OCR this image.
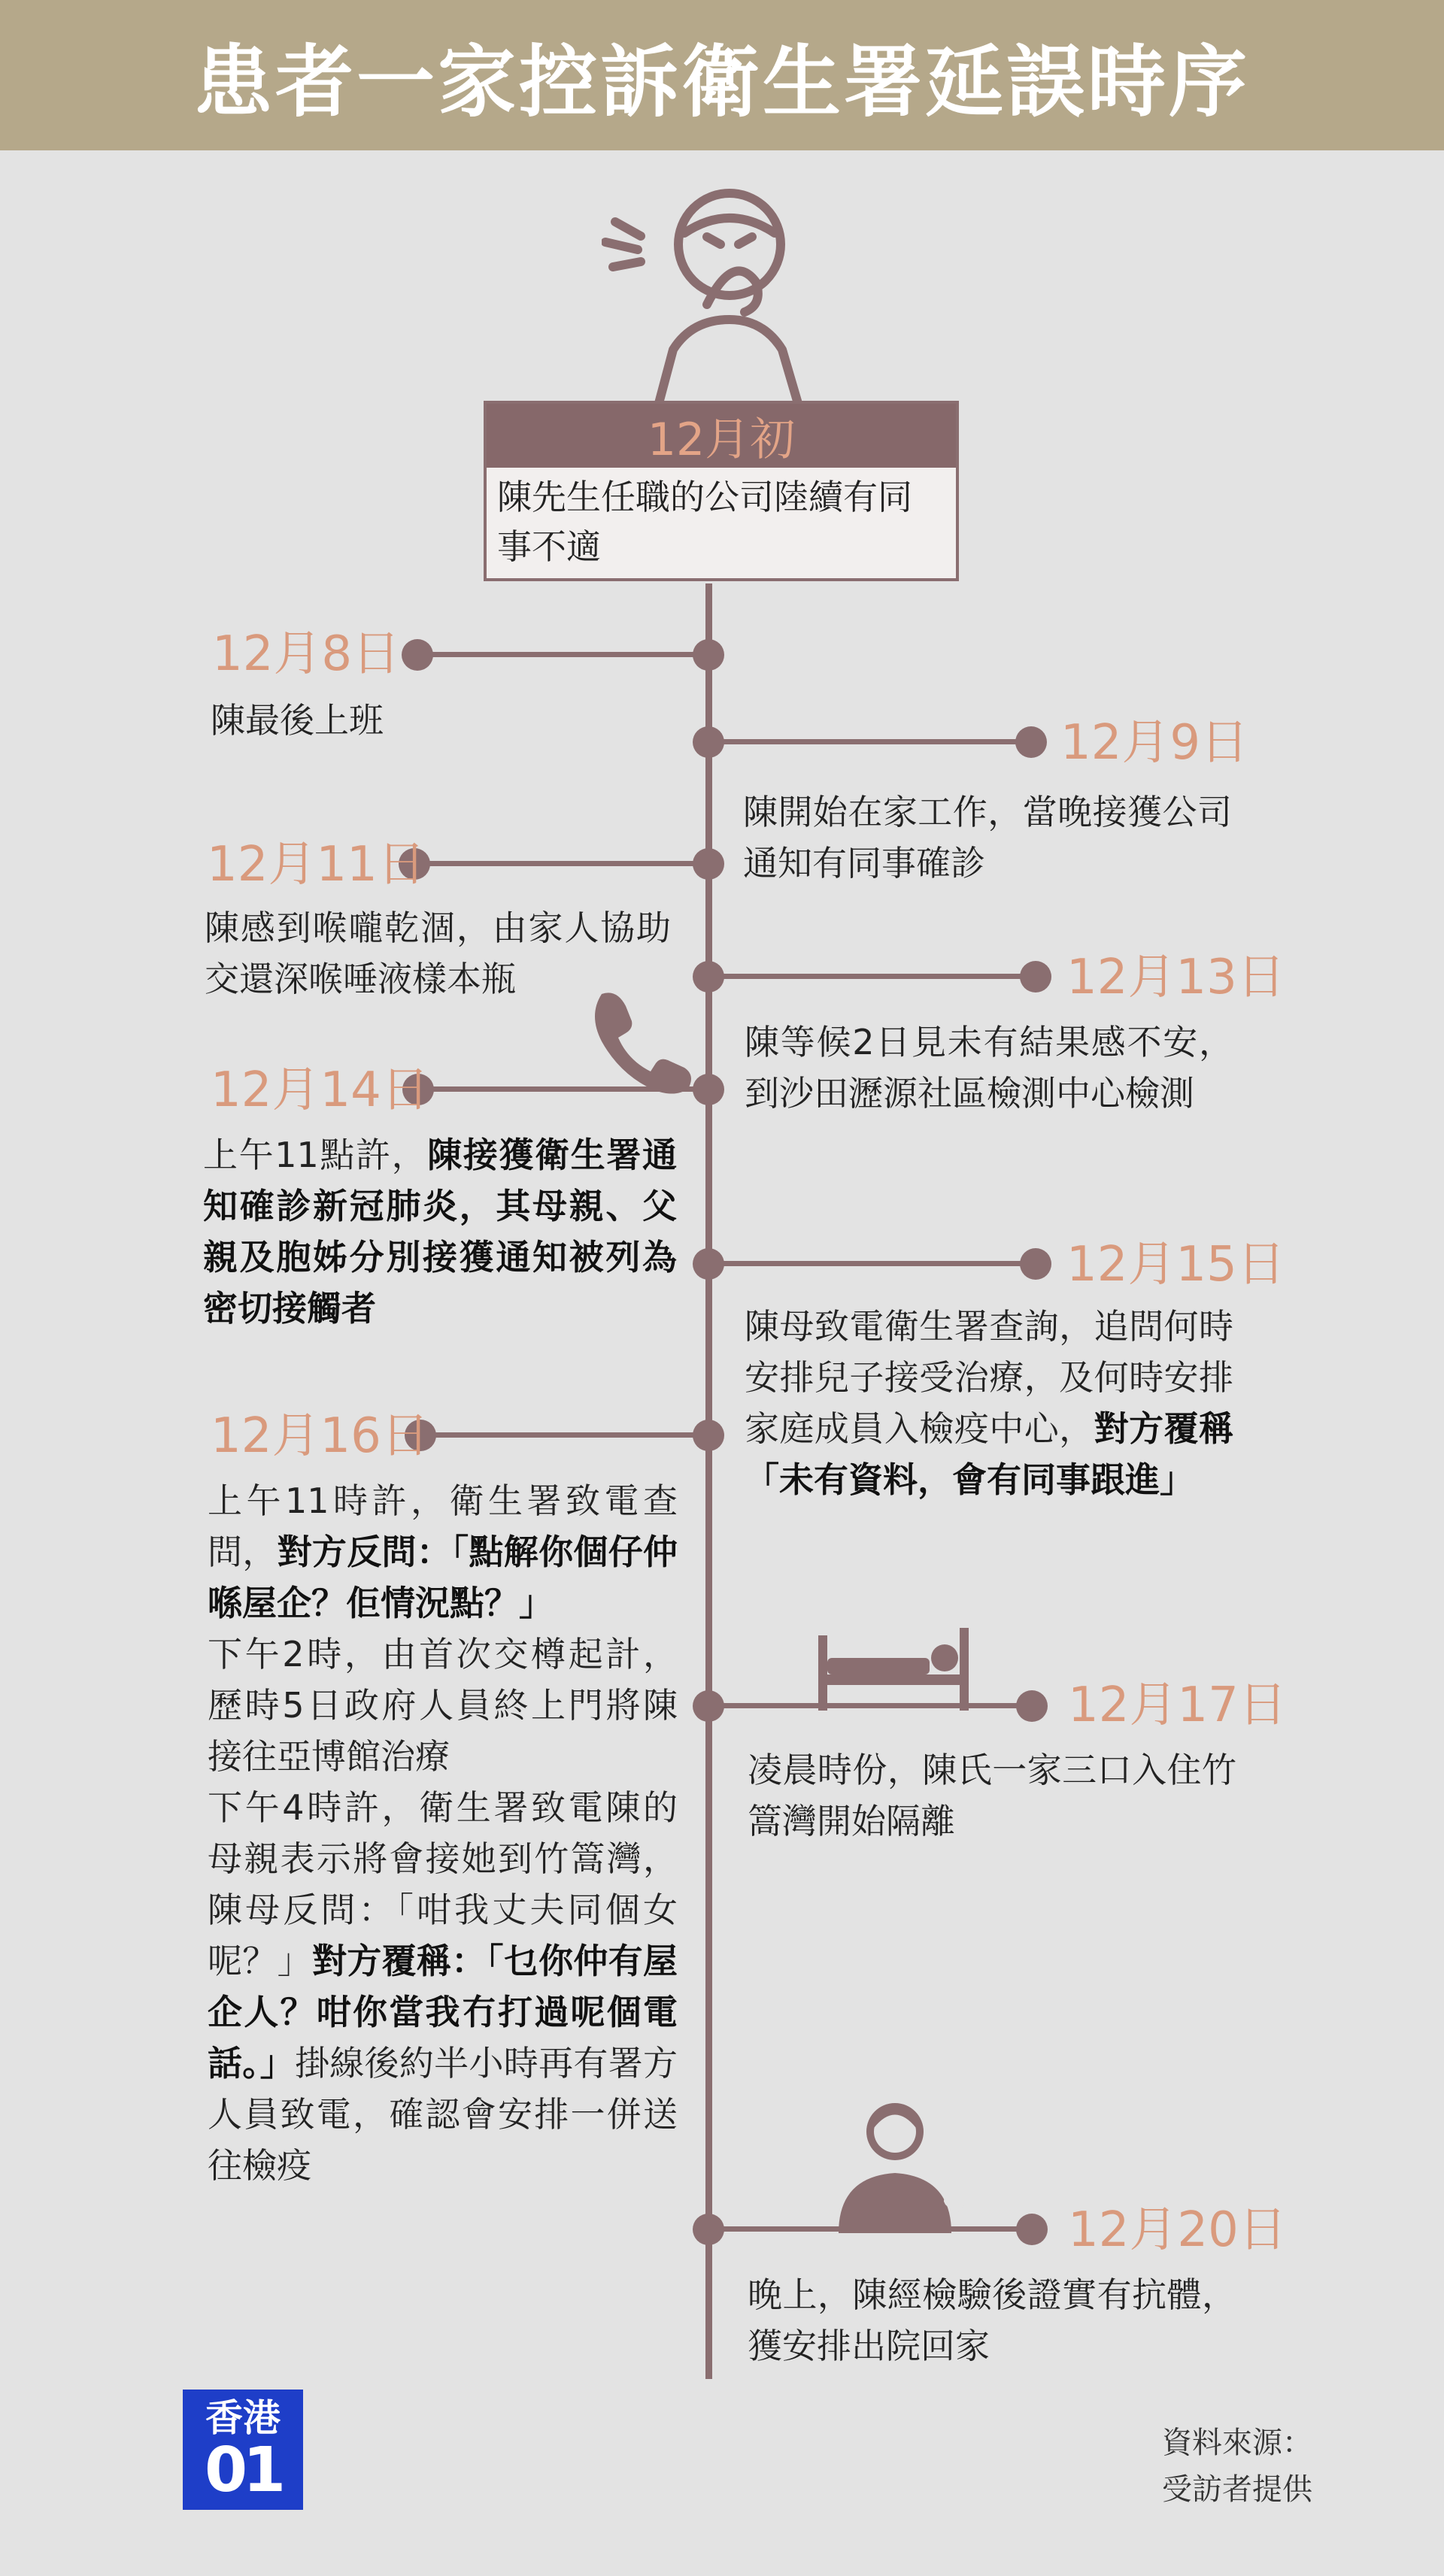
患者一家控訴衛生署延誤時序
12月初
陳先生任職的公司陸續有同事不適
12月8日
陳最後上班	12月9日
陳開始在家工作，當晚接獲公司通知有同事確診
12月11日
陳感到喉嚨乾涸，由家人協助交還深喉唾液樣本瓶	12月13日
陳等候2日見未有結果感不安，到沙田瀝源社區檢測中心檢測
12月14日
上午11點許，陳接獲衛生署通知確診新冠肺炎，其母親、父親及胞姊分別接獲通知被列為密切接觸者
12月15日
陳母致電衛生署查詢，追問何時安排兒子接受治療，及何時安排家庭成員入檢疫中心，對方覆稱「未有資料，會有同事跟進」
12月16日
上午11時許，衛生署致電查問，對方反問：「點解你個仔仲喺屋企？佢情況點？」
下午2時，由首次交樽起計，歷時5日政府人員終上門將陳接往亞博館治療
下午4時許，衛生署致電陳的母親表示將會接她到竹篙灣，陳母反問：「咁我丈夫同個女呢？」對方覆稱：「乜你仲有屋企人？咁你當我冇打過呢個電話。」掛線後約半小時再有署方人員致電，確認會安排一併送往檢疫
12月17日
凌晨時份，陳氏一家三口入住竹篙灣開始隔離
12月20日
晚上，陳經檢驗後證實有抗體，獲安排出院回家
香港
01	資料來源：
受訪者提供
